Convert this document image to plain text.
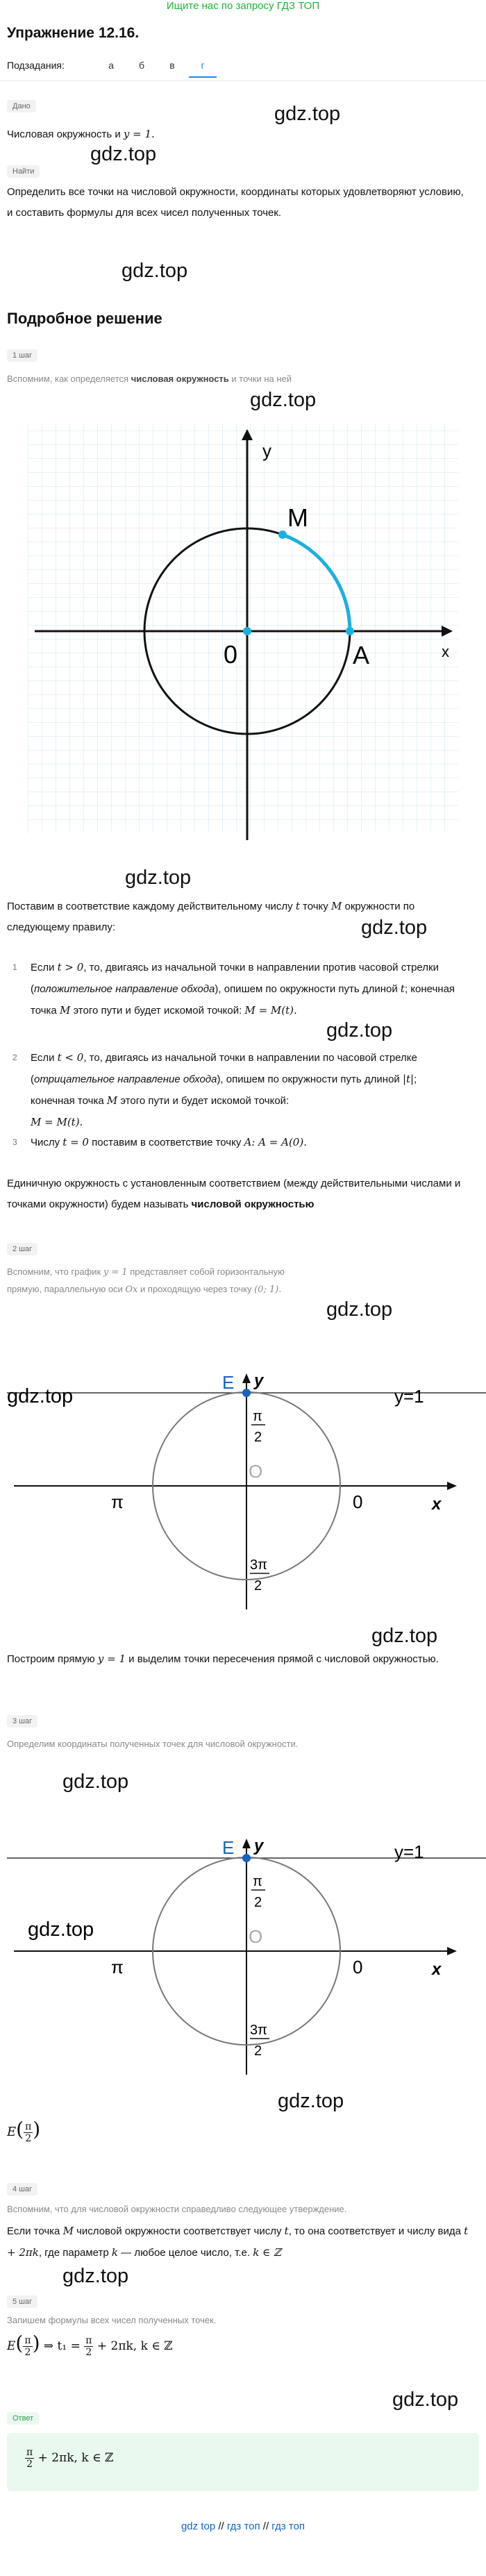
Ищите нас по запросу ГДЗ ТОП
Упражнение 12.16.
Подзадания:	а	б	в	г
Дано	gdz.top
Числовая окружность и y = 1.
gdz.top
Найти
Определить все точки на числовой окружности, координаты которых удовлетворяют условию, и составить формулы для всех чисел полученных точек.
gdz.top
Подробное решение
1 шаг
Вспомним, как определяется числовая окружность и точки на ней
gdz.top
y
x
0	A
M
gdz.top
Поставим в соответствие каждому действительному числу t точку M окружности по следующему правилу:	gdz.top
1	Если t > 0, то, двигаясь из начальной точки в направлении против часовой стрелки (положительное направление обхода), опишем по окружности путь длиной t; конечная точка M этого пути и будет искомой точкой: M = M(t).
gdz.top
2	Если t < 0, то, двигаясь из начальной точки в направлении по часовой стрелке (отрицательное направление обхода), опишем по окружности путь длиной |t|; конечная точка M этого пути и будет искомой точкой:
M = M(t).
3	Числу t = 0 поставим в соответствие точку A: A = A(0).
Единичную окружность с установленным соответствием (между действительными числами и точками окружности) будем называть числовой окружностью
2 шаг
Вспомним, что график y = 1 представляет собой горизонтальную прямую, параллельную оси Ox и проходящую через точку (0; 1).
gdz.top
E y
x
y=1
π	0
O
π
2
3π
2
gdz.top
gdz.top
Построим прямую y = 1 и выделим точки пересечения прямой с числовой окружностью.
3 шаг
Определим координаты полученных точек для числовой окружности.
gdz.top
E y
x
y=1
π	0
O
π
2
3π
2
gdz.top
gdz.top
$E( \frac{\pi}{2}$ )
4 шаг
Вспомним, что для числовой окружности справедливо следующее утверждение.
Если точка M числовой окружности соответствует числу t, то она соответствует и числу вида t + 2πk, где параметр k — любое целое число, т.е. k ∈ ℤ
gdz.top
5 шаг
Запишем формулы всех чисел полученных точек.
$E( \frac{\pi}{2}$ ) ⇒ $t_1 = \frac{\pi}{2} + 2\pi k$, k ∈ ℤ
gdz.top
Ответ
$\frac{\pi}{2} + 2\pi k$, k ∈ ℤ
gdz top // гдз топ // гдз топ
